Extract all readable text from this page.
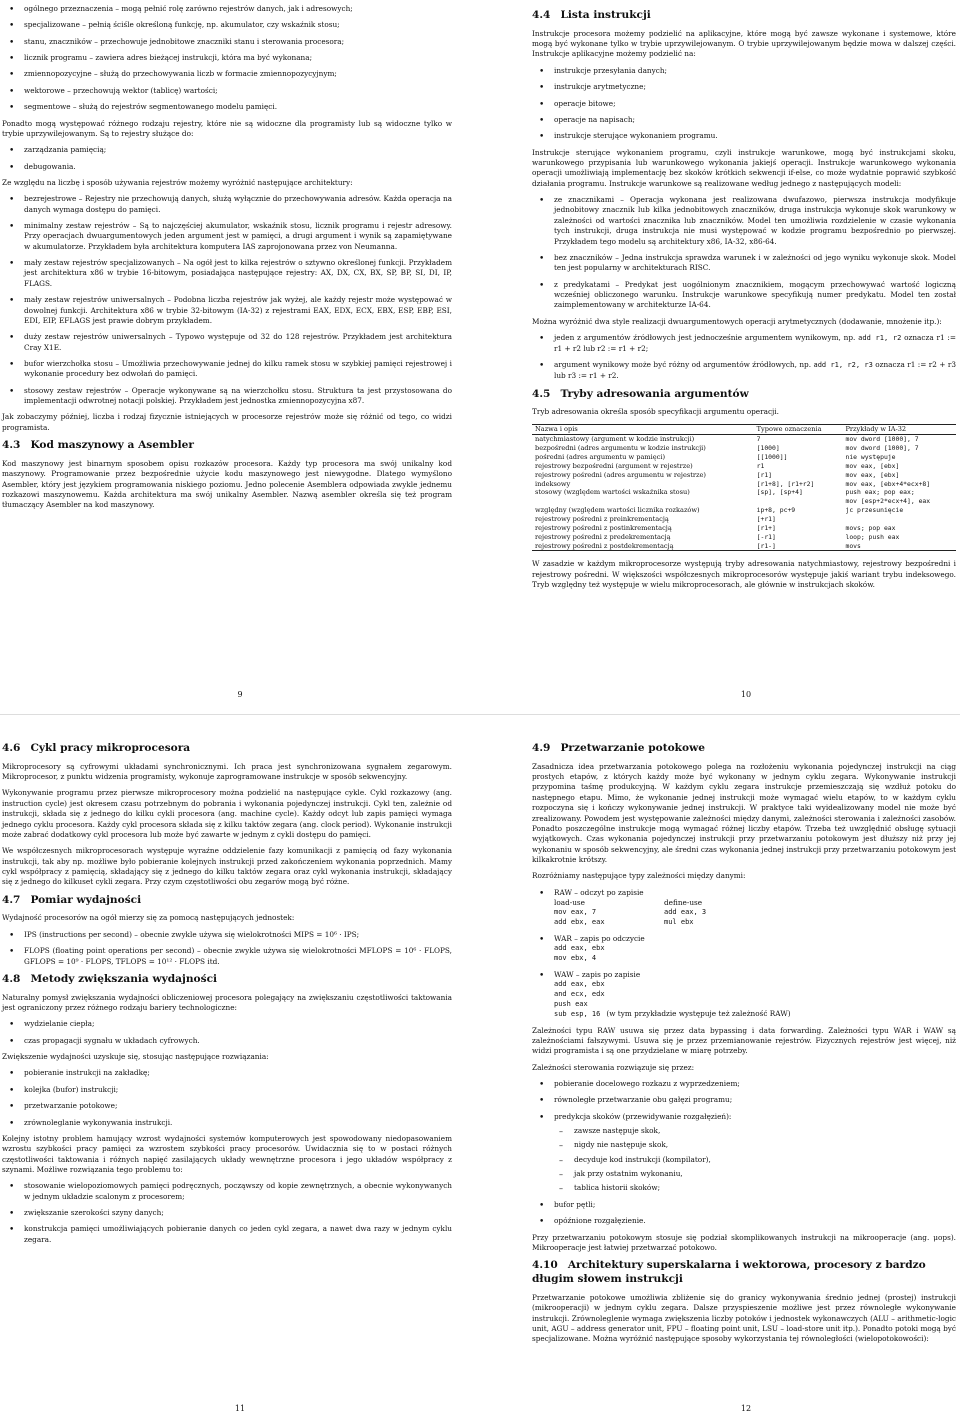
• ogólnego przeznaczenia – mogą pełnić rolę zarówno rejestrów danych, jak i adresowych;
• specjalizowane – pełnią ściśle określoną funkcję, np. akumulator, czy wskaźnik stosu;
• stanu, znaczników – przechowuje jednobitowe znaczniki stanu i sterowania procesora;
• licznik programu – zawiera adres bieżącej instrukcji, która ma być wykonana;
• zmiennopozycyjne – służą do przechowywania liczb w formacie zmiennopozycyjnym;
• wektorowe – przechowują wektor (tablicę) wartości;
• segmentowe – służą do rejestrów segmentowanego modelu pamięci.

Ponadto mogą występować różnego rodzaju rejestry, które nie są widoczne dla programisty lub są widoczne tylko w trybie uprzywilejowanym. Są to rejestry służące do:

• zarządzania pamięcią;
• debugowania.

Ze względu na liczbę i sposób używania rejestrów możemy wyróżnić następujące architektury:

• bezrejestrowe – Rejestry nie przechowują danych, służą wyłącznie do przechowywania adresów. Każda operacja na danych wymaga dostępu do pamięci.
• minimalny zestaw rejestrów – Są to najczęściej akumulator, wskaźnik stosu, licznik programu i rejestr adresowy. Przy operacjach dwuargumentowych jeden argument jest w pamięci, a drugi argument i wynik są zapamiętywane w akumulatorze. Przykładem była architektura komputera IAS zaprojonowana przez von Neumanna.
• mały zestaw rejestrów specjalizowanych – Na ogół jest to kilka rejestrów o sztywno określonej funkcji. Przykładem jest architektura x86 w trybie 16-bitowym, posiadająca następujące rejestry: AX, DX, CX, BX, SP, BP, SI, DI, IP, FLAGS.
• mały zestaw rejestrów uniwersalnych – Podobna liczba rejestrów jak wyżej, ale każdy rejestr może występować w dowolnej funkcji. Architektura x86 w trybie 32-bitowym (IA-32) z rejestrami EAX, EDX, ECX, EBX, ESP, EBP, ESI, EDI, EIP, EFLAGS jest prawie dobrym przykładem.
• duży zestaw rejestrów uniwersalnych – Typowo występuje od 32 do 128 rejestrów. Przykładem jest architektura Cray X1E.
• bufor wierzchołka stosu – Umożliwia przechowywanie jednej do kilku ramek stosu w szybkiej pamięci rejestrowej i wykonanie procedury bez odwołań do pamięci.
• stosowy zestaw rejestrów – Operacje wykonywane są na wierzchołku stosu. Struktura ta jest przystosowana do implementacji odwrotnej notacji polskiej. Przykładem jest jednostka zmiennopozycyjna x87.

Jak zobaczymy później, liczba i rodzaj fizycznie istniejących w procesorze rejestrów może się różnić od tego, co widzi programista.

4.3 Kod maszynowy a Asembler

Kod maszynowy jest binarnym sposobem opisu rozkazów procesora. Każdy typ procesora ma swój unikalny kod maszynowy. Programowanie przez bezpośrednie użycie kodu maszynowego jest niewygodne. Dlatego wymyślono Asembler, który jest językiem programowania niskiego poziomu. Jedno polecenie Asemblera odpowiada zwykle jednemu rozkazowi maszynowemu. Każda architektura ma swój unikalny Asembler. Nazwą asembler określa się też program tłumaczący Asembler na kod maszynowy.

9
4.4 Lista instrukcji

Instrukcje procesora możemy podzielić na aplikacyjne, które mogą być zawsze wykonane i systemowe, które mogą być wykonane tylko w trybie uprzywilejowanym. O trybie uprzywilejowanym będzie mowa w dalszej części. Instrukcje aplikacyjne możemy podzielić na:

• instrukcje przesyłania danych;
• instrukcje arytmetyczne;
• operacje bitowe;
• operacje na napisach;
• instrukcje sterujące wykonaniem programu.

Instrukcje sterujące wykonaniem programu, czyli instrukcje warunkowe, mogą być instrukcjami skoku, warunkowego przypisania lub warunkowego wykonania jakiejś operacji. Instrukcje warunkowego wykonania operacji umożliwiają implementację bez skoków krótkich sekwencji if-else, co może wydatnie poprawić szybkość działania programu. Instrukcje warunkowe są realizowane według jednego z następujących modeli:

• ze znacznikami – Operacja wykonana jest realizowana dwufazowo, pierwsza instrukcja modyfikuje jednobitowy znacznik lub kilka jednobitowych znaczników, druga instrukcja wykonuje skok warunkowy w zależności od wartości znacznika lub znaczników. Model ten umożliwia rozdzielenie w czasie wykonania tych instrukcji, druga instrukcja nie musi występować w kodzie programu bezpośrednio po pierwszej. Przykładem tego modelu są architektury x86, IA-32, x86-64.
• bez znaczników – Jedna instrukcja sprawdza warunek i w zależności od jego wyniku wykonuje skok. Model ten jest popularny w architekturach RISC.
• z predykatami – Predykat jest uogólnionym znacznikiem, mogącym przechowywać wartość logiczną wcześniej obliczonego warunku. Instrukcje warunkowe specyfikują numer predykatu. Model ten został zaimplementowany w architekturze IA-64.

Można wyróżnić dwa style realizacji dwuargumentowych operacji arytmetycznych (dodawanie, mnożenie itp.):

• jeden z argumentów źródłowych jest jednocześnie argumentem wynikowym, np. add r1, r2 oznacza r1 := r1 + r2 lub r2 := r1 + r2;
• argument wynikowy może być różny od argumentów źródłowych, np. add r1, r2, r3 oznacza r1 := r2 + r3 lub r3 := r1 + r2.
4.5 Tryby adresowania argumentów

Tryb adresowania określa sposób specyfikacji argumentu operacji.

Nazwa i opis	Typowe oznaczenia	Przykłady w IA-32
natychmiastowy (argument w kodzie instrukcji)	7	mov dword [1000], 7
bezpośredni (adres argumentu w kodzie instrukcji)	[1000]	mov dword [1000], 7
pośredni (adres argumentu w pamięci)	[[1000]]	nie występuje
rejestrowy bezpośredni (argument w rejestrze)	r1	mov eax, [ebx]
rejestrowy pośredni (adres argumentu w rejestrze)	[r1]	mov eax, [ebx]
indeksowy	[r1+8], [r1+r2]	mov eax, [ebx+4*ecx+8]
stosowy (względem wartości wskaźnika stosu)	[sp], [sp+4]	push eax; pop eax;
		mov [esp+2*ecx+4], eax
względny (względem wartości licznika rozkazów)	ip+8, pc+9	jc przesunięcie
rejestrowy pośredni z preinkrementacją	[+r1]	
rejestrowy pośredni z postinkrementacją	[r1+]	movs; pop eax
rejestrowy pośredni z predekrementacją	[-r1]	loop; push eax
rejestrowy pośredni z postdekrementacją	[r1-]	movs

W zasadzie w każdym mikroprocesorze występują tryby adresowania natychmiastowy, rejestrowy bezpośredni i rejestrowy pośredni. W większości współczesnych mikroprocesorów występuje jakiś wariant trybu indeksowego. Tryb względny też występuje w wielu mikroprocesorach, ale głównie w instrukcjach skoków.

10
4.6 Cykl pracy mikroprocesora

Mikroprocesory są cyfrowymi układami synchronicznymi. Ich praca jest synchronizowana sygnałem zegarowym. Mikroprocesor, z punktu widzenia programisty, wykonuje zaprogramowane instrukcje w sposób sekwencyjny.

Wykonywanie programu przez pierwsze mikroprocesory można podzielić na następujące cykle. Cykl rozkazowy (ang. instruction cycle) jest okresem czasu potrzebnym do pobrania i wykonania pojedynczej instrukcji. Cykl ten, zależnie od instrukcji, składa się z jednego do kilku cykli procesora (ang. machine cycle). Każdy odcyt lub zapis pamięci wymaga jednego cyklu procesora. Każdy cykl procesora składa się z kilku taktów zegara (ang. clock period). Wykonanie instrukcji może zabrać dodatkowy cykl procesora lub może być zawarte w jednym z cykli dostępu do pamięci.

We współczesnych mikroprocesorach występuje wyraźne oddzielenie fazy komunikacji z pamięcią od fazy wykonania instrukcji, tak aby np. możliwe było pobieranie kolejnych instrukcji przed zakończeniem wykonania poprzednich. Mamy cykl współpracy z pamięcią, składający się z jednego do kilku taktów zegara oraz cykl wykonania instrukcji, składający się z jednego do kilkuset cykli zegara. Przy czym częstotliwości obu zegarów mogą być różne.

4.7 Pomiar wydajności

Wydajność procesorów na ogół mierzy się za pomocą następujących jednostek:

• IPS (instructions per second) – obecnie zwykle używa się wielokrotności MIPS = 10⁶ · IPS;
• FLOPS (floating point operations per second) – obecnie zwykle używa się wielokrotności MFLOPS = 10⁶ · FLOPS, GFLOPS = 10⁹ · FLOPS, TFLOPS = 10¹² · FLOPS itd.
4.8 Metody zwiększania wydajności

Naturalny pomysł zwiększania wydajności obliczeniowej procesora polegający na zwiększaniu częstotliwości taktowania jest ograniczony przez różnego rodzaju bariery technologiczne:

• wydzielanie ciepła;
• czas propagacji sygnału w układach cyfrowych.

Zwiększenie wydajności uzyskuje się, stosując następujące rozwiązania:

• pobieranie instrukcji na zakładkę;
• kolejka (bufor) instrukcji;
• przetwarzanie potokowe;
• zrównoleglanie wykonywania instrukcji.

Kolejny istotny problem hamujący wzrost wydajności systemów komputerowych jest spowodowany niedopasowaniem wzrostu szybkości pracy pamięci za wzrostem szybkości pracy procesorów. Uwidacznia się to w postaci różnych częstotliwości taktowania i różnych napięć zasilających układy wewnętrzne procesora i jego układów współpracy z szynami. Możliwe rozwiązania tego problemu to:

• stosowanie wielopoziomowych pamięci podręcznych, począwszy od kopie zewnętrznych, a obecnie wykonywanych w jednym układzie scalonym z procesorem;
• zwiększanie szerokości szyny danych;
• konstrukcja pamięci umożliwiających pobieranie danych co jeden cykl zegara, a nawet dwa razy w jednym cyklu zegara.
11
4.9 Przetwarzanie potokowe

Zasadnicza idea przetwarzania potokowego polega na rozłożeniu wykonania pojedynczej instrukcji na ciąg prostych etapów, z których każdy może być wykonany w jednym cyklu zegara. Wykonywanie instrukcji przypomina taśmę produkcyjną. W każdym cyklu zegara instrukcje przemieszczają się wzdłuż potoku do następnego etapu. Mimo, że wykonanie jednej instrukcji może wymagać wielu etapów, to w każdym cyklu rozpoczyna się i kończy wykonywanie jednej instrukcji. W praktyce taki wyidealizowany model nie może być zrealizowany. Powodem jest występowanie zależności między danymi, zależności sterowania i zależności zasobów. Ponadto poszczególne instrukcje mogą wymagać różnej liczby etapów. Trzeba też uwzględnić obsługę sytuacji wyjątkowych. Czas wykonania pojedynczej instrukcji przy przetwarzaniu potokowym jest dłuższy niż przy jej wykonaniu w sposób sekwencyjny, ale średni czas wykonania jednej instrukcji przy przetwarzaniu potokowym jest kilkakrotnie krótszy.

Rozróżniamy następujące typy zależności między danymi:

• RAW – odczyt po zapisie
load-use	define-use
mov eax, 7
add ebx, eax
add eax, 3
mul ebx
• WAR – zapis po odczycie
add eax, ebx
mov ebx, 4
• WAW – zapis po zapisie
add eax, ebx
and ecx, edx
push eax
sub esp, 16 (w tym przykładzie występuje też zależność RAW)

Zależności typu RAW usuwa się przez data bypassing i data forwarding. Zależności typu WAR i WAW są zależnościami fałszywymi. Usuwa się je przez przemianowanie rejestrów. Fizycznych rejestrów jest więcej, niż widzi programista i są one przydzielane w miarę potrzeby.

Zależności sterowania rozwiązuje się przez:

• pobieranie docelowego rozkazu z wyprzedzeniem;
• równoległe przetwarzanie obu gałęzi programu;
• predykcja skoków (przewidywanie rozgałęzień):
– zawsze następuje skok,
– nigdy nie następuje skok,
– decyduje kod instrukcji (kompilator),
– jak przy ostatnim wykonaniu,
– tablica historii skoków;
• bufor pętli;
• opóźnione rozgałęzienie.

Przy przetwarzaniu potokowym stosuje się podział skomplikowanych instrukcji na mikrooperacje (ang. μops). Mikrooperacje jest łatwiej przetwarzać potokowo.

4.10 Architektury superskalarna i wektorowa, procesory z bardzo długim słowem instrukcji

Przetwarzanie potokowe umożliwia zbliżenie się do granicy wykonywania średnio jednej (prostej) instrukcji (mikrooperacji) w jednym cyklu zegara. Dalsze przyspieszenie możliwe jest przez równoległe wykonywanie instrukcji. Zrównoleglenie wymaga zwiększenia liczby potoków i jednostek wykonawczych (ALU – arithmetic-logic unit, AGU – address generator unit, FPU – floating point unit, LSU – load-store unit itp.). Ponadto potoki mogą być specjalizowane. Można wyróżnić następujące sposoby wykorzystania tej równoległości (wielopotokowości):

12
